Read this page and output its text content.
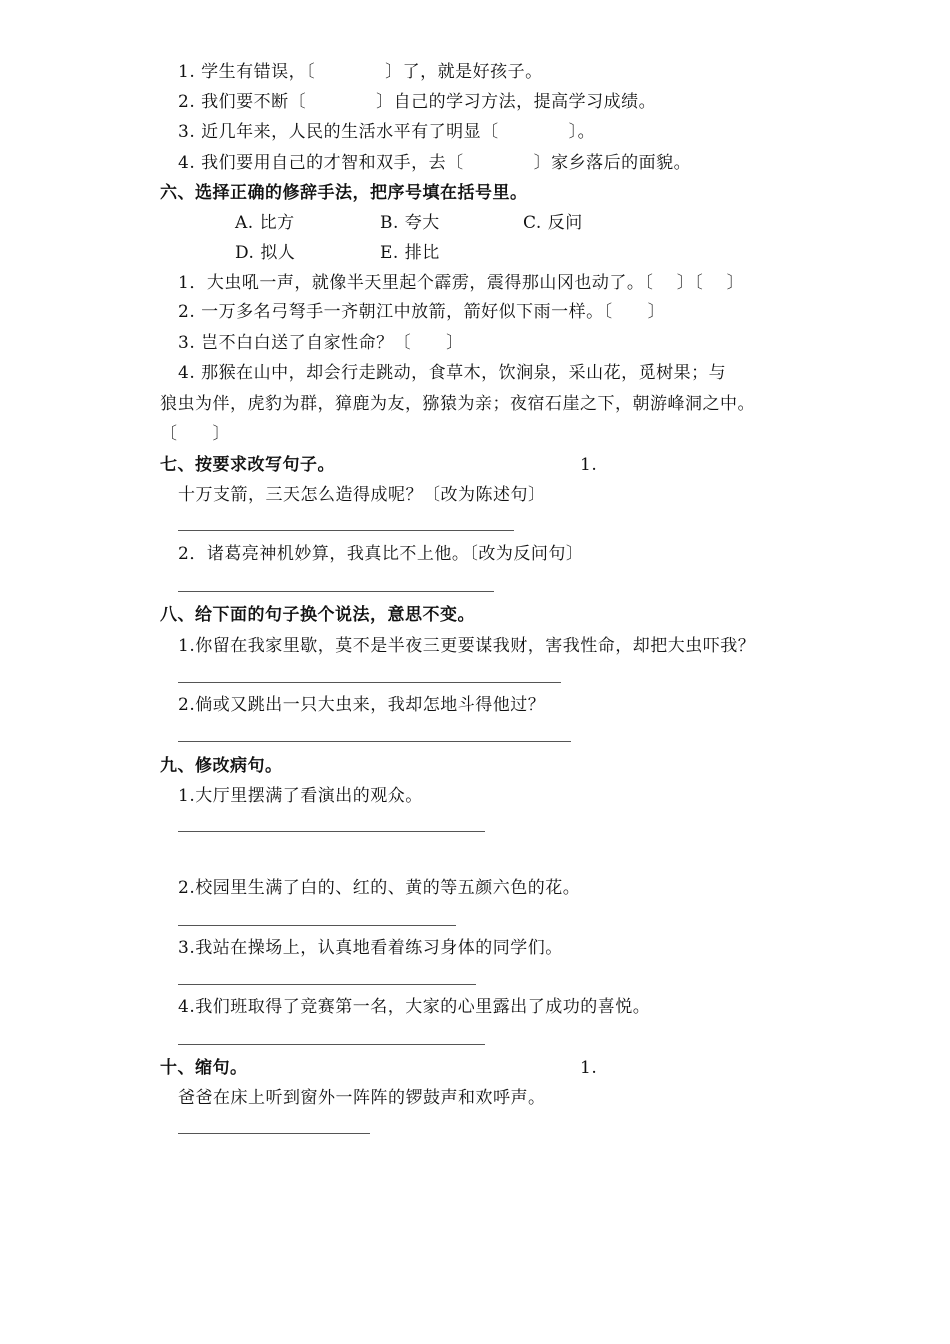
1. 学生有错误，〔　　　　〕了，就是好孩子。
2. 我们要不断〔　　　　〕自己的学习方法，提高学习成绩。
3. 近几年来，人民的生活水平有了明显〔　　　　〕。
4. 我们要用自己的才智和双手，去〔　　　　〕家乡落后的面貌。
六、选择正确的修辞手法，把序号填在括号里。
A. 比方	B. 夸大	C. 反问
D. 拟人	E. 排比
1．大虫吼一声，就像半天里起个霹雳，震得那山冈也动了。〔　 〕〔　 〕
2. 一万多名弓弩手一齐朝江中放箭，箭好似下雨一样。〔　　〕
3. 岂不白白送了自家性命？〔　　〕
4. 那猴在山中，却会行走跳动，食草木，饮涧泉，采山花，觅树果；与
狼虫为伴，虎豹为群，獐鹿为友，猕猿为亲；夜宿石崖之下，朝游峰洞之中。
〔　　〕
七、按要求改写句子。	1.
十万支箭，三天怎么造得成呢？〔改为陈述句〕
2．诸葛亮神机妙算，我真比不上他。〔改为反问句〕
八、给下面的句子换个说法，意思不变。
1.你留在我家里歇，莫不是半夜三更要谋我财，害我性命，却把大虫吓我？
2.倘或又跳出一只大虫来，我却怎地斗得他过？
九、修改病句。
1.大厅里摆满了看演出的观众。
2.校园里生满了白的、红的、黄的等五颜六色的花。
3.我站在操场上，认真地看着练习身体的同学们。
4.我们班取得了竞赛第一名，大家的心里露出了成功的喜悦。
十、缩句。	1.
爸爸在床上听到窗外一阵阵的锣鼓声和欢呼声。
